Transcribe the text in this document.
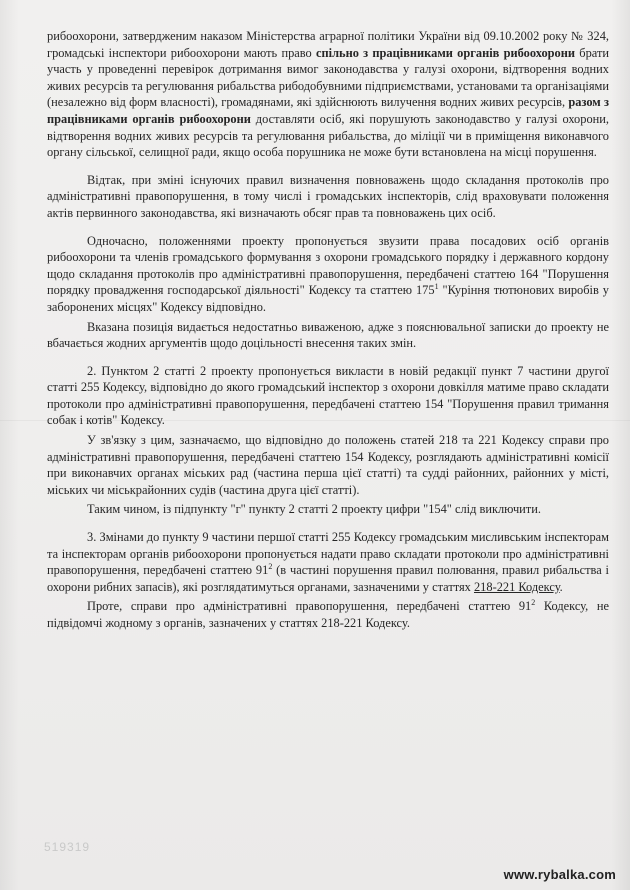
рибоохорони, затвердженим наказом Міністерства аграрної політики України від 09.10.2002 року № 324, громадські інспектори рибоохорони мають право спільно з працівниками органів рибоохорони брати участь у проведенні перевірок дотримання вимог законодавства у галузі охорони, відтворення водних живих ресурсів та регулювання рибальства рибодобувними підприємствами, установами та організаціями (незалежно від форм власності), громадянами, які здійснюють вилучення водних живих ресурсів, разом з працівниками органів рибоохорони доставляти осіб, які порушують законодавство у галузі охорони, відтворення водних живих ресурсів та регулювання рибальства, до міліції чи в приміщення виконавчого органу сільської, селищної ради, якщо особа порушника не може бути встановлена на місці порушення.

Відтак, при зміні існуючих правил визначення повноважень щодо складання протоколів про адміністративні правопорушення, в тому числі і громадських інспекторів, слід враховувати положення актів первинного законодавства, які визначають обсяг прав та повноважень цих осіб.

Одночасно, положеннями проекту пропонується звузити права посадових осіб органів рибоохорони та членів громадського формування з охорони громадського порядку і державного кордону щодо складання протоколів про адміністративні правопорушення, передбачені статтею 164 "Порушення порядку провадження господарської діяльності" Кодексу та статтею $175^1$ "Куріння тютюнових виробів у заборонених місцях" Кодексу відповідно.

Вказана позиція видається недостатньо виваженою, адже з пояснювальної записки до проекту не вбачається жодних аргументів щодо доцільності внесення таких змін.

2. Пунктом 2 статті 2 проекту пропонується викласти в новій редакції пункт 7 частини другої статті 255 Кодексу, відповідно до якого громадський інспектор з охорони довкілля матиме право складати протоколи про адміністративні правопорушення, передбачені статтею 154 "Порушення правил тримання собак і котів" Кодексу.

У зв'язку з цим, зазначаємо, що відповідно до положень статей 218 та 221 Кодексу справи про адміністративні правопорушення, передбачені статтею 154 Кодексу, розглядають адміністративні комісії при виконавчих органах міських рад (частина перша цієї статті) та судді районних, районних у місті, міських чи міськрайонних судів (частина друга цієї статті).

Таким чином, із підпункту "г" пункту 2 статті 2 проекту цифри "154" слід виключити.

3. Змінами до пункту 9 частини першої статті 255 Кодексу громадським мисливським інспекторам та інспекторам органів рибоохорони пропонується надати право складати протоколи про адміністративні правопорушення, передбачені статтею $91^2$ (в частині порушення правил полювання, правил рибальства і охорони рибних запасів), які розглядатимуться органами, зазначеними у статтях 218-221 Кодексу.

Проте, справи про адміністративні правопорушення, передбачені статтею $91^2$ Кодексу, не підвідомчі жодному з органів, зазначених у статтях 218-221 Кодексу.

519319
www.rybalka.com
